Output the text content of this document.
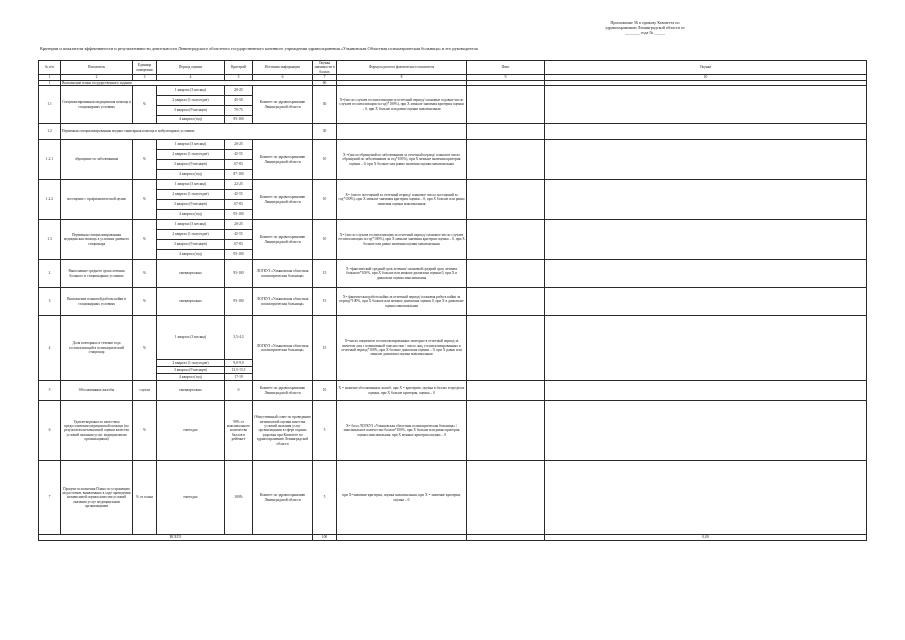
Приложение 56 к приказу Комитета по
здравоохранению Ленинградской области от
_______ года № _____
Критерии и показатели эффективности и результативности деятельности Ленинградского областного государственного казенного учреждения здравоохранения «Ульяновская Областная психиатрическая больница» и его руководителя
№ п/п	Показатель	Единица измерения	Период оценки	Критерий	Источник информации	Оценка значимости в баллах	Формула расчета фактического показателя	Факт	Оценка
1	2	3	4	5	6	7	8	9	10
1	Выполнение плана государственного задания					60			
1.1	Специализированная медицинская помощь в стационарных условиях	%	1 квартал (3 месяца)	20-25	Комитет по здравоохранению Ленинградской области	30	X=(число случаев госпитализации за отчетный период/ плановые годовые число случаев госпитализации за год)*100%), при X меньше значения критерия оценки – 0, при X больше или равно оценки максимальная		
			2 квартал (1 полугодие)	45-50					
			3 квартал (9 месяцев)	70-75					
			4 квартал (год)	95-100					
1.2	Первичная специализированная медико-санитарная помощь в амбулаторных условиях					30			
1.2.1	обращение по заболеваниям	%	1 квартал (3 месяца)	20-25	Комитет по здравоохранению Ленинградской области	10	X =(число обращений по заболеваниям за отчетный период/ плановое число обращений по заболеваниям за год*100%), при X меньше значения критерия оценки – 0, при X больше или равно значения оценки максимальная		
			2 квартал (1 полугодие)	45-55					
			3 квартал (9 месяцев)	67-83					
			4 квартал (год)	87-100					
1.2.2	посещение с профилактической целью	%	1 квартал (3 месяца)	22-25	Комитет по здравоохранению Ленинградской области	10	X= (число посещений за отчетный период/ плановое число посещений за год*100%), при X меньше значения критерия оценки – 0, при X больше или равно значения оценки максимальная		
			2 квартал (1 полугодие)	45-55					
			3 квартал (9 месяцев)	67-83					
			4 квартал (год)	95-100					
1.3	Первичная специализированная медицинская помощь в условиях дневного стационара	%	1 квартал (3 месяца)	20-25	Комитет по здравоохранению Ленинградской области	10	X= (число случаев госпитализации за отчетный период/ плановое число случаев госпитализации за год*100%), при X меньше значения критерия оценки – 0, при X больше или равно значения оценки максимальная		
			2 квартал (1 полугодие)	45-55					
			3 квартал (9 месяцев)	67-83					
			4 квартал (год)	95-100					
2	Выполнение среднего срока лечения больного в стационарных условиях	%	ежеквартально	95-100	ЛОГКУЗ «Ульяновская областная психиатрическая больница»	15	X =фактический средний срок лечения/ плановый средний срок лечения больного*100%, при X больше или меньше диапазона оценки 0, при X в диапазоне оценка максимальная		
3	Выполнение плановой работы койки в стационарных условиях	%	ежеквартально	95-100	ЛОГКУЗ «Ульяновская областная психиатрическая больница»	15	X= фактическая работа койки за отчетный период/ плановая работа койки за период*100%, при X больше или меньше диапазона оценки 0, при X в диапазоне оценка максимальная		
4	Доля повторных в течение года госпитализаций в психиатрический стационар	%	1 квартал (3 месяца)	3,5-4,3	ЛОГКУЗ «Ульяновская областная психиатрическая больница»	15	X=число пациентов госпитализированных повторно в отчетный период за вычетом лиц с повышенной опасностью / число лиц, госпитализированных в отчетный период*100%, при X больше диапазона оценки – 0, при X равно или меньше диапазона оценка максимальная		
			2 квартал (1 полугодие)	9,0-9,9					
			3 квартал (9 месяцев)	13,5-15,5					
			4 квартал (год)	17-19					
5	Обоснованные жалобы	случаи	ежеквартально	0	Комитет по здравоохранению Ленинградской области	10	X = наличие обоснованных жалоб, при X = критерию, оценка в баллах в пределах оценки, при X больше критерия, оценка – 0		
6	Удовлетворенность качеством предоставления медицинской помощи (по результатам независимой оценки качества условий оказания услуг медицинскими организациями)	%	ежегодно	90% от максимального количества баллов в рейтинге	Общественный совет по проведению независимой оценки качества условий оказания услуг организациями в сфере охраны здоровья при Комитете по здравоохранению Ленинградской области	5	X= балл ЛОГКУЗ «Ульяновская областная психиатрическая больница» /максимальное количество баллов*100%, при X больше или равно критерия оценка максимальная, при X меньше критерия оценки – 0		
7	Процент исполнения Плана по устранению недостатков, выявленных в ходе проведения независимой оценки качества условий оказания услуг медицинскими организациями	% от плана	ежегодно	100%	Комитет по здравоохранению Ленинградской области	5	при X=значение критерия, оценка максимальная, при X = значение критерия, оценка – 0		
ВСЕГО						100			0,00
